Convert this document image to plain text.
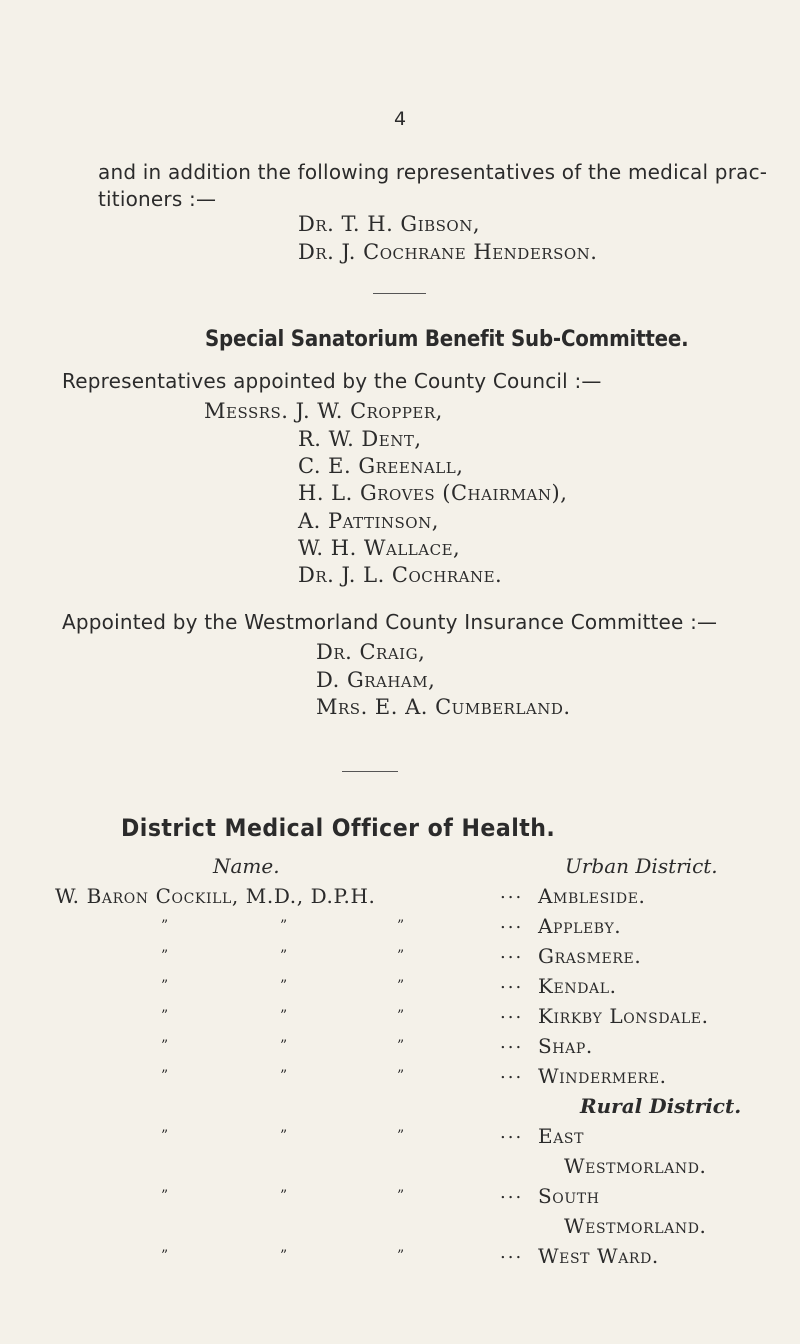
4
and in addition the following representatives of the medical prac-
titioners :—
Dr. T. H. Gibson,
Dr. J. Cochrane Henderson.
Special Sanatorium Benefit Sub-Committee.
Representatives appointed by the County Council :—
Messrs. J. W. Cropper,
R. W. Dent,
C. E. Greenall,
H. L. Groves (Chairman),
A. Pattinson,
W. H. Wallace,
Dr. J. L. Cochrane.
Appointed by the Westmorland County Insurance Committee :—
Dr. Craig,
D. Graham,
Mrs. E. A. Cumberland.
District Medical Officer of Health.
Name.	Urban District.
W. Baron Cockill, M.D., D.P.H.	... Ambleside.
”	”	”	... Appleby.
”	”	”	... Grasmere.
”	”	”	... Kendal.
”	”	”	... Kirkby Lonsdale.
”	”	”	... Shap.
”	”	”	... Windermere.
Rural District.
”	”	”	... East
Westmorland.
”	”	”	... South
Westmorland.
”	”	”	... West Ward.
